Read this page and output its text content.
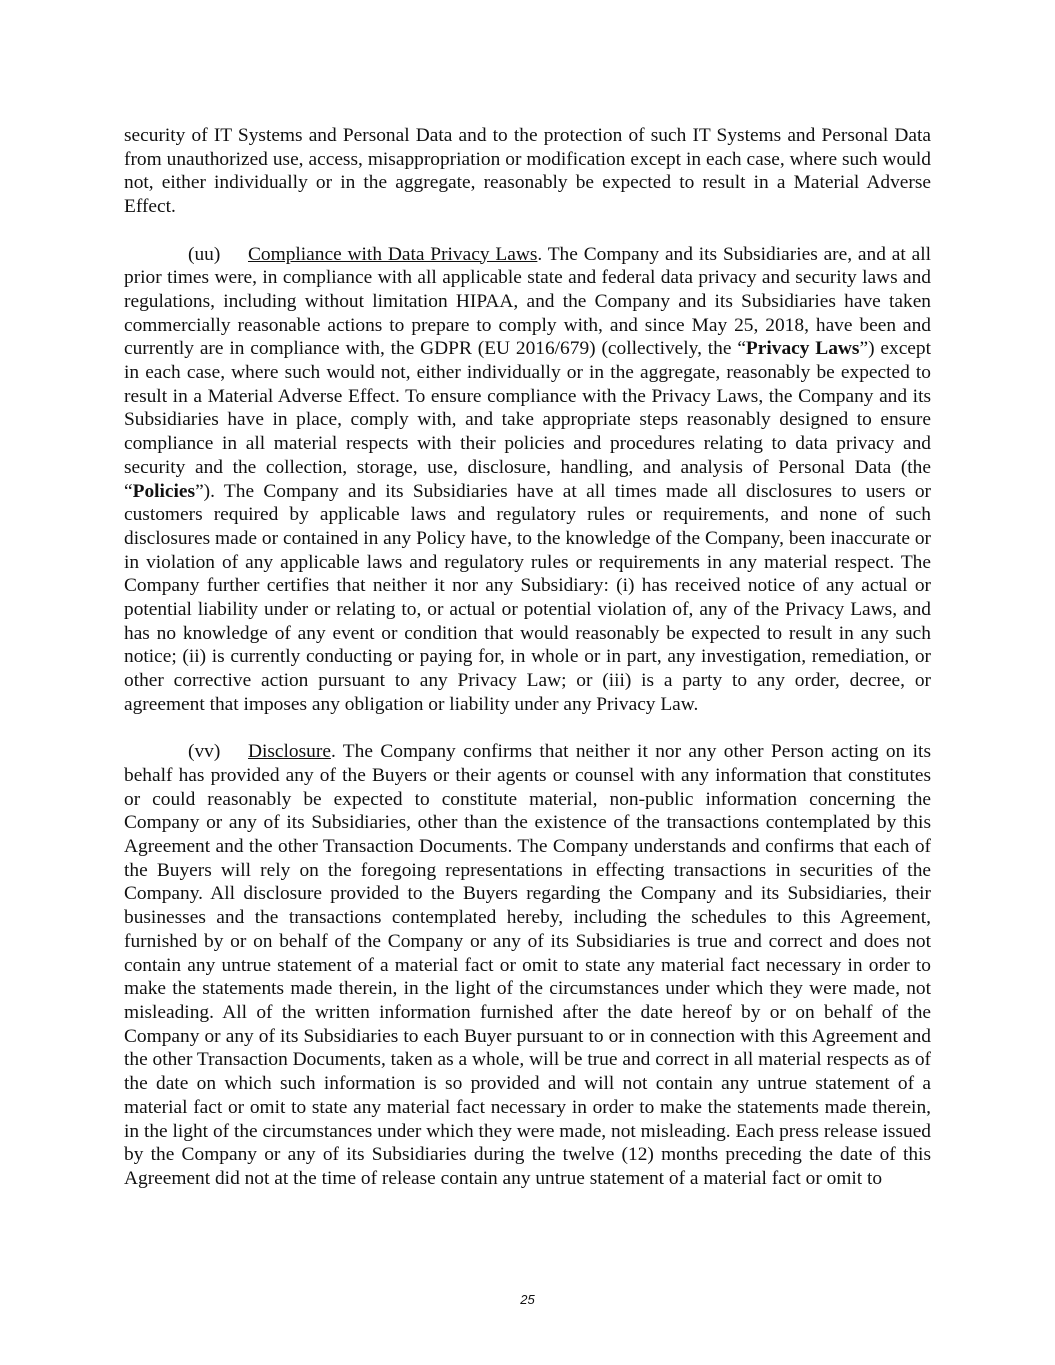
security of IT Systems and Personal Data and to the protection of such IT Systems and Personal Data from unauthorized use, access, misappropriation or modification except in each case, where such would not, either individually or in the aggregate, reasonably be expected to result in a Material Adverse Effect.

(uu) Compliance with Data Privacy Laws. The Company and its Subsidiaries are, and at all prior times were, in compliance with all applicable state and federal data privacy and security laws and regulations, including without limitation HIPAA, and the Company and its Subsidiaries have taken commercially reasonable actions to prepare to comply with, and since May 25, 2018, have been and currently are in compliance with, the GDPR (EU 2016/679) (collectively, the “Privacy Laws”) except in each case, where such would not, either individually or in the aggregate, reasonably be expected to result in a Material Adverse Effect. To ensure compliance with the Privacy Laws, the Company and its Subsidiaries have in place, comply with, and take appropriate steps reasonably designed to ensure compliance in all material respects with their policies and procedures relating to data privacy and security and the collection, storage, use, disclosure, handling, and analysis of Personal Data (the “Policies”). The Company and its Subsidiaries have at all times made all disclosures to users or customers required by applicable laws and regulatory rules or requirements, and none of such disclosures made or contained in any Policy have, to the knowledge of the Company, been inaccurate or in violation of any applicable laws and regulatory rules or requirements in any material respect. The Company further certifies that neither it nor any Subsidiary: (i) has received notice of any actual or potential liability under or relating to, or actual or potential violation of, any of the Privacy Laws, and has no knowledge of any event or condition that would reasonably be expected to result in any such notice; (ii) is currently conducting or paying for, in whole or in part, any investigation, remediation, or other corrective action pursuant to any Privacy Law; or (iii) is a party to any order, decree, or agreement that imposes any obligation or liability under any Privacy Law.

(vv) Disclosure. The Company confirms that neither it nor any other Person acting on its behalf has provided any of the Buyers or their agents or counsel with any information that constitutes or could reasonably be expected to constitute material, non-public information concerning the Company or any of its Subsidiaries, other than the existence of the transactions contemplated by this Agreement and the other Transaction Documents. The Company understands and confirms that each of the Buyers will rely on the foregoing representations in effecting transactions in securities of the Company. All disclosure provided to the Buyers regarding the Company and its Subsidiaries, their businesses and the transactions contemplated hereby, including the schedules to this Agreement, furnished by or on behalf of the Company or any of its Subsidiaries is true and correct and does not contain any untrue statement of a material fact or omit to state any material fact necessary in order to make the statements made therein, in the light of the circumstances under which they were made, not misleading. All of the written information furnished after the date hereof by or on behalf of the Company or any of its Subsidiaries to each Buyer pursuant to or in connection with this Agreement and the other Transaction Documents, taken as a whole, will be true and correct in all material respects as of the date on which such information is so provided and will not contain any untrue statement of a material fact or omit to state any material fact necessary in order to make the statements made therein, in the light of the circumstances under which they were made, not misleading. Each press release issued by the Company or any of its Subsidiaries during the twelve (12) months preceding the date of this Agreement did not at the time of release contain any untrue statement of a material fact or omit to

25
